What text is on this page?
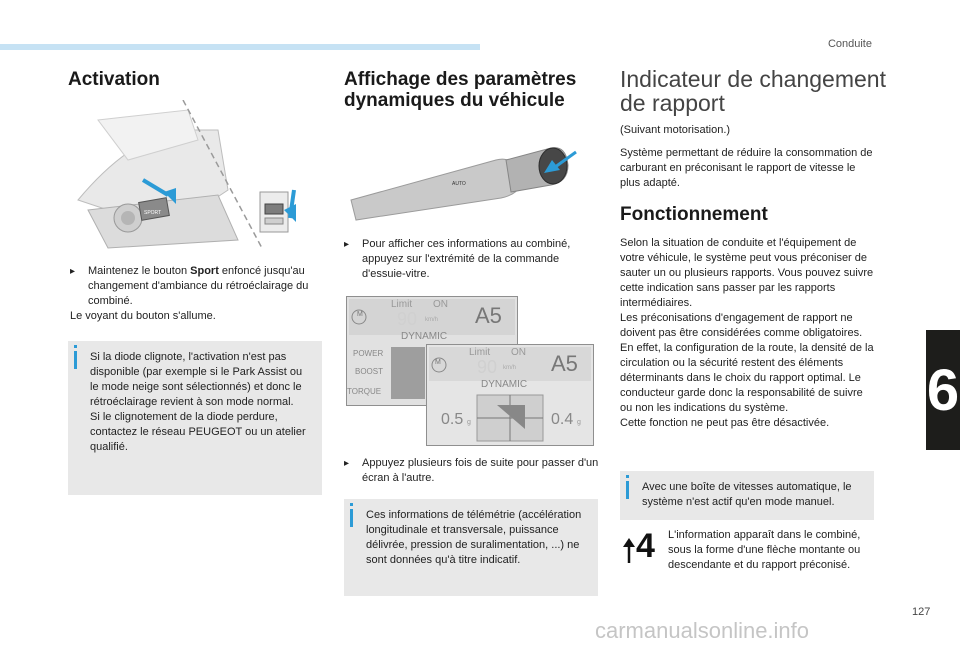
Conduite
6
127
carmanualsonline.info
Activation
SPORT

▸	Maintenez le bouton Sport enfoncé jusqu'au changement d'ambiance du rétroéclairage du combiné.

Le voyant du bouton s'allume.

Si la diode clignote, l'activation n'est pas disponible (par exemple si le Park Assist ou le mode neige sont sélectionnés) et donc le rétroéclairage revient à son mode normal.

Si le clignotement de la diode perdure, contactez le réseau PEUGEOT ou un atelier qualifié.

Affichage des paramètres
dynamiques du véhicule
AUTO

▸	Pour afficher ces informations au combiné, appuyez sur l'extrémité de la commande d'essuie-vitre.

M
Limit ON
90 km/h A5
DYNAMIC
POWER
BOOST
TORQUE
M
Limit ON
90 km/h A5
DYNAMIC
0.5 g	0.4 g

▸	Appuyez plusieurs fois de suite pour passer d'un écran à l'autre.

Ces informations de télémétrie (accélération longitudinale et transversale, puissance délivrée, pression de suralimentation, ...) ne sont données qu'à titre indicatif.

Indicateur de changement
de rapport

(Suivant motorisation.)

Système permettant de réduire la consommation de carburant en préconisant le rapport de vitesse le plus adapté.

Fonctionnement

Selon la situation de conduite et l'équipement de votre véhicule, le système peut vous préconiser de sauter un ou plusieurs rapports. Vous pouvez suivre cette indication sans passer par les rapports intermédiaires.

Les préconisations d'engagement de rapport ne doivent pas être considérées comme obligatoires. En effet, la configuration de la route, la densité de la circulation ou la sécurité restent des éléments déterminants dans le choix du rapport optimal. Le conducteur garde donc la responsabilité de suivre ou non les indications du système.

Cette fonction ne peut pas être désactivée.

Avec une boîte de vitesses automatique, le système n'est actif qu'en mode manuel.

4 L'information apparaît dans le combiné, sous la forme d'une flèche montante ou descendante et du rapport préconisé.
